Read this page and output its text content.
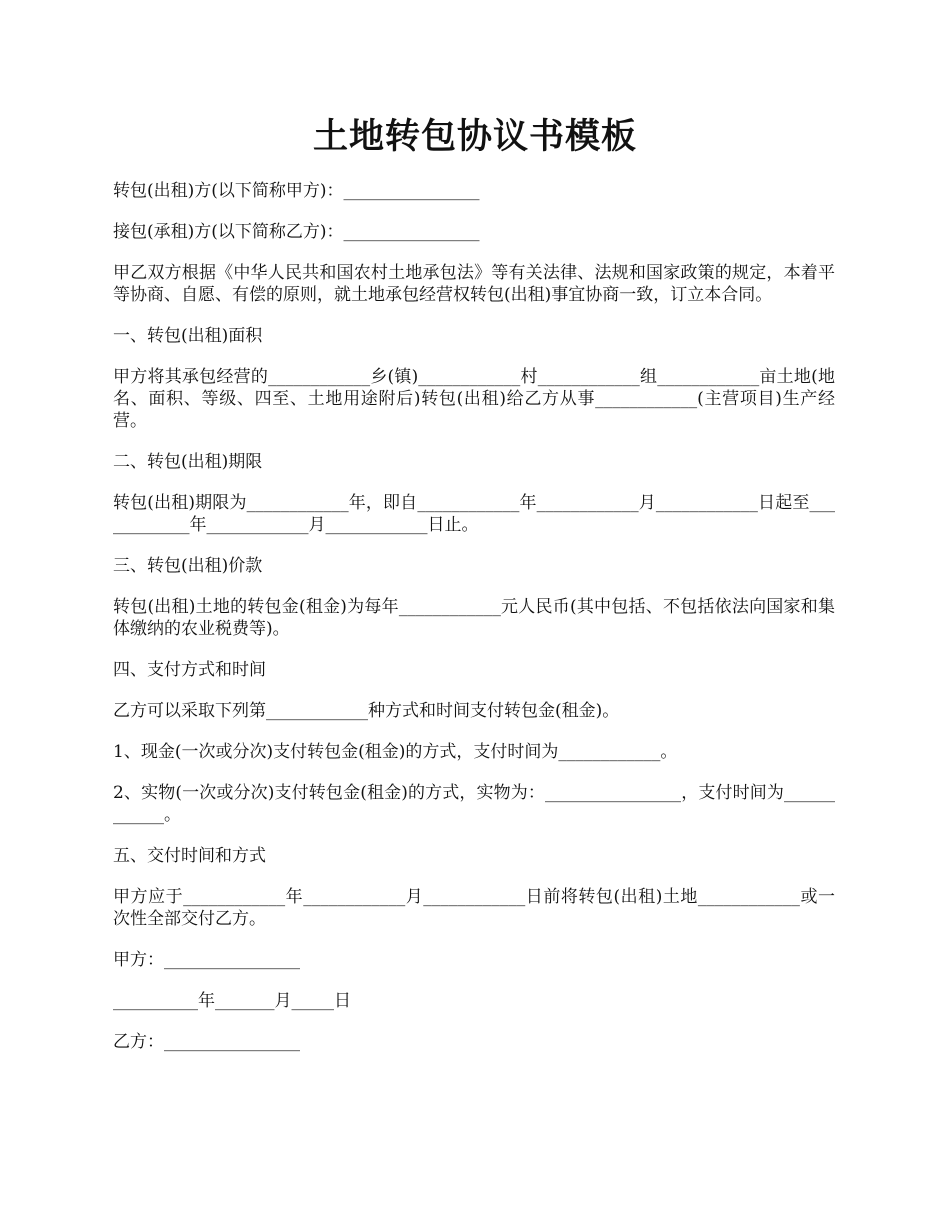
土地转包协议书模板

转包(出租)方(以下简称甲方)：________________

接包(承租)方(以下简称乙方)：________________

甲乙双方根据《中华人民共和国农村土地承包法》等有关法律、法规和国家政策的规定，本着平等协商、自愿、有偿的原则，就土地承包经营权转包(出租)事宜协商一致，订立本合同。

一、转包(出租)面积

甲方将其承包经营的____________乡(镇)____________村____________组____________亩土地(地名、面积、等级、四至、土地用途附后)转包(出租)给乙方从事____________(主营项目)生产经营。

二、转包(出租)期限

转包(出租)期限为____________年，即自____________年____________月____________日起至____________年____________月____________日止。

三、转包(出租)价款

转包(出租)土地的转包金(租金)为每年____________元人民币(其中包括、不包括依法向国家和集体缴纳的农业税费等)。

四、支付方式和时间

乙方可以采取下列第____________种方式和时间支付转包金(租金)。

1、现金(一次或分次)支付转包金(租金)的方式，支付时间为____________。

2、实物(一次或分次)支付转包金(租金)的方式，实物为：________________，支付时间为____________。

五、交付时间和方式

甲方应于____________年____________月____________日前将转包(出租)土地____________或一次性全部交付乙方。

甲方：________________

__________年_______月_____日

乙方：________________
